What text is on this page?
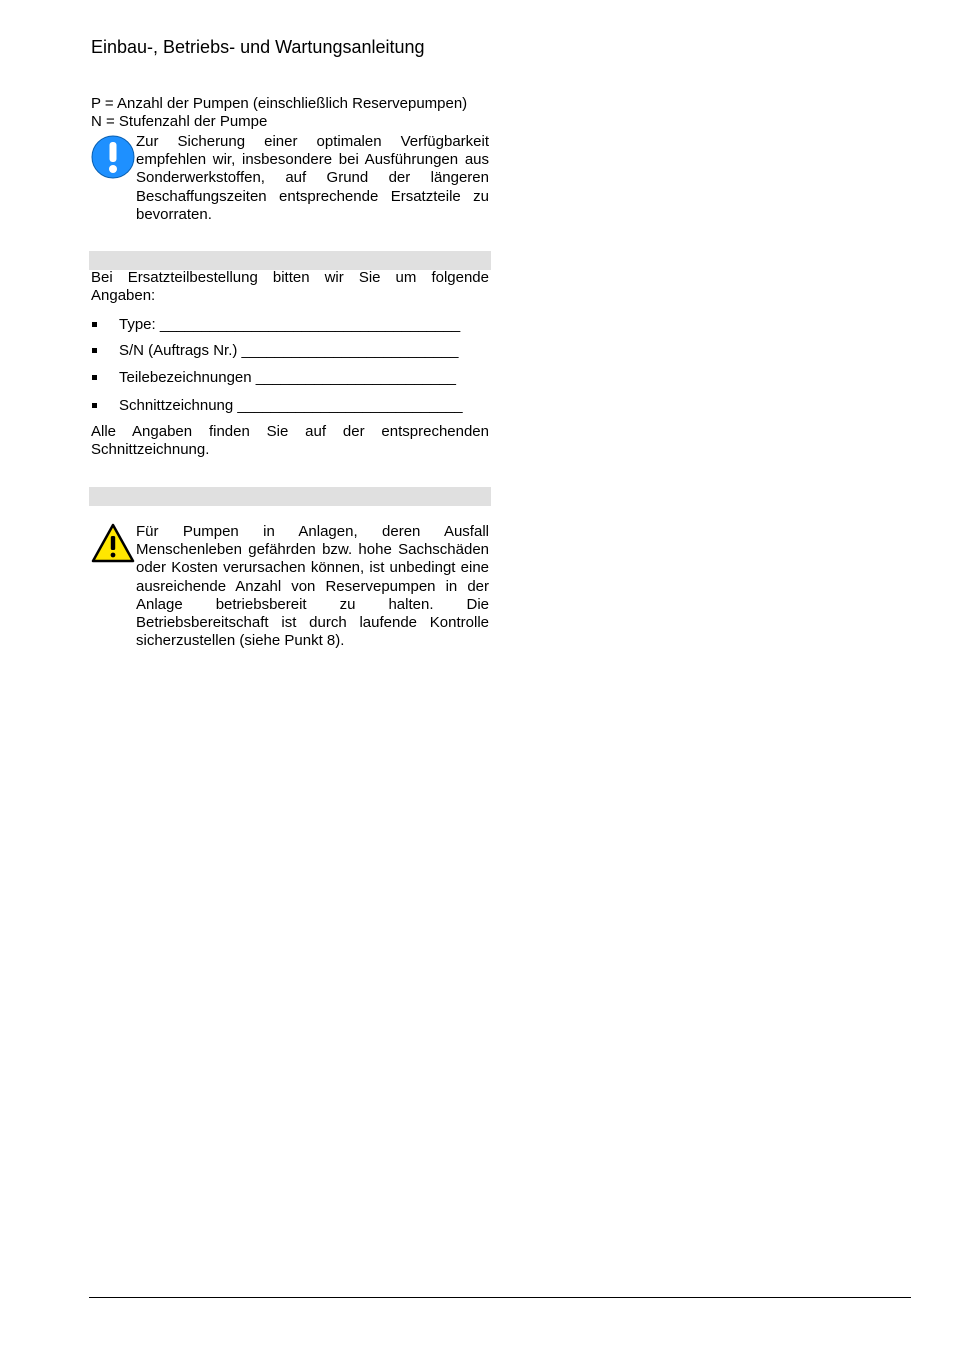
Einbau-, Betriebs- und Wartungsanleitung
P = Anzahl der Pumpen (einschließlich Reservepumpen)
N = Stufenzahl der Pumpe
Zur Sicherung einer optimalen Verfügbarkeit empfehlen wir, insbesondere bei Ausführungen aus Sonderwerkstoffen, auf Grund der längeren Beschaffungszeiten entsprechende Ersatzteile zu bevorraten.
Bei Ersatzteilbestellung bitten wir Sie um folgende Angaben:
Type: ____________________________________
S/N (Auftrags Nr.) __________________________
Teilebezeichnungen ________________________
Schnittzeichnung ___________________________
Alle Angaben finden Sie auf der entsprechenden Schnittzeichnung.
Für Pumpen in Anlagen, deren Ausfall Menschenleben gefährden bzw. hohe Sachschäden oder Kosten verursachen können, ist unbedingt eine ausreichende Anzahl von Reservepumpen in der Anlage betriebsbereit zu halten. Die Betriebsbereitschaft ist durch laufende Kontrolle sicherzustellen (siehe Punkt 8).
